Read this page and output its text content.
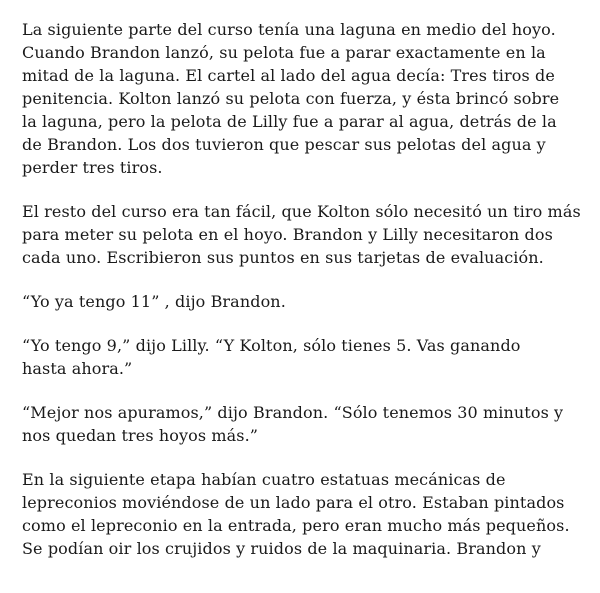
La siguiente parte del curso tenía una laguna en medio del hoyo.
Cuando Brandon lanzó, su pelota fue a parar exactamente en la
mitad de la laguna. El cartel al lado del agua decía: Tres tiros de
penitencia. Kolton lanzó su pelota con fuerza, y ésta brincó sobre
la laguna, pero la pelota de Lilly fue a parar al agua, detrás de la
de Brandon. Los dos tuvieron que pescar sus pelotas del agua y
perder tres tiros.

El resto del curso era tan fácil, que Kolton sólo necesitó un tiro más
para meter su pelota en el hoyo. Brandon y Lilly necesitaron dos
cada uno. Escribieron sus puntos en sus tarjetas de evaluación.

“Yo ya tengo 11” , dijo Brandon.

“Yo tengo 9,” dijo Lilly. “Y Kolton, sólo tienes 5. Vas ganando
hasta ahora.”

“Mejor nos apuramos,” dijo Brandon. “Sólo tenemos 30 minutos y
nos quedan tres hoyos más.”

En la siguiente etapa habían cuatro estatuas mecánicas de
lepreconios moviéndose de un lado para el otro. Estaban pintados
como el lepreconio en la entrada, pero eran mucho más pequeños.
Se podían oir los crujidos y ruidos de la maquinaria. Brandon y
